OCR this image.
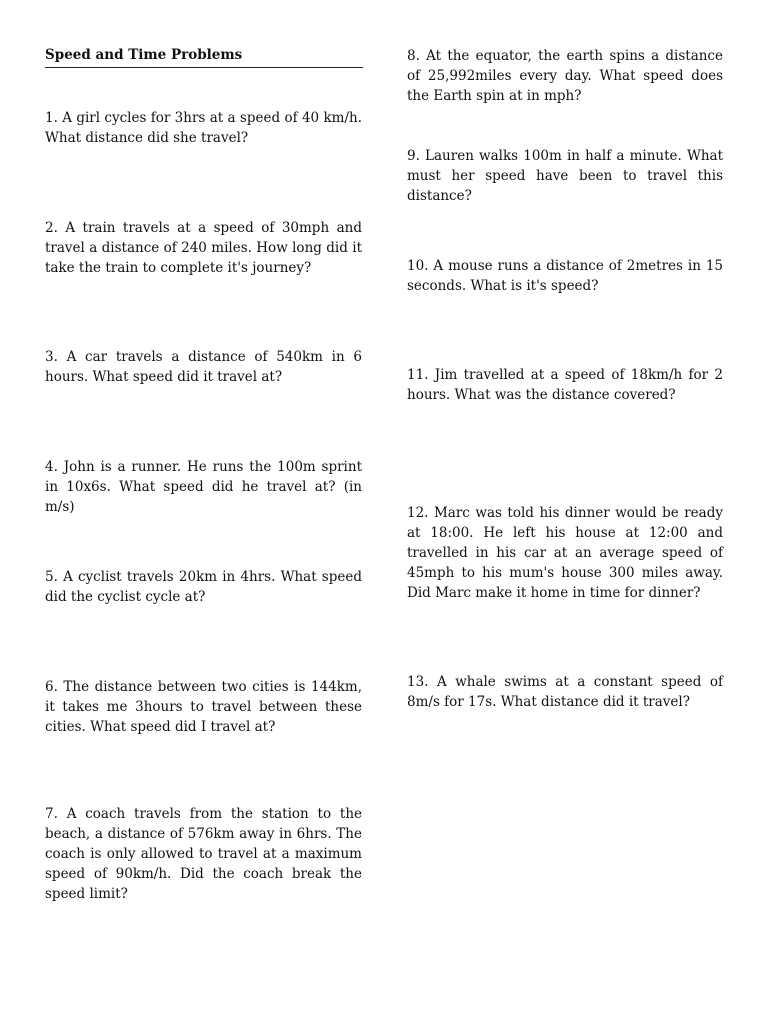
Speed and Time Problems
1. A girl cycles for 3hrs at a speed of 40 km/h. What distance did she travel?
2. A train travels at a speed of 30mph and travel a distance of 240 miles. How long did it take the train to complete it's journey?
3. A car travels a distance of 540km in 6 hours. What speed did it travel at?
4. John is a runner. He runs the 100m sprint in 10x6s. What speed did he travel at? (in m/s)
5. A cyclist travels 20km in 4hrs. What speed did the cyclist cycle at?
6. The distance between two cities is 144km, it takes me 3hours to travel between these cities. What speed did I travel at?
7. A coach travels from the station to the beach, a distance of 576km away in 6hrs. The coach is only allowed to travel at a maximum speed of 90km/h. Did the coach break the speed limit?
8. At the equator, the earth spins a distance of 25,992miles every day. What speed does the Earth spin at in mph?
9. Lauren walks 100m in half a minute. What must her speed have been to travel this distance?
10. A mouse runs a distance of 2metres in 15 seconds. What is it's speed?
11. Jim travelled at a speed of 18km/h for 2 hours. What was the distance covered?
12. Marc was told his dinner would be ready at 18:00. He left his house at 12:00 and travelled in his car at an average speed of 45mph to his mum's house 300 miles away. Did Marc make it home in time for dinner?
13. A whale swims at a constant speed of 8m/s for 17s. What distance did it travel?
